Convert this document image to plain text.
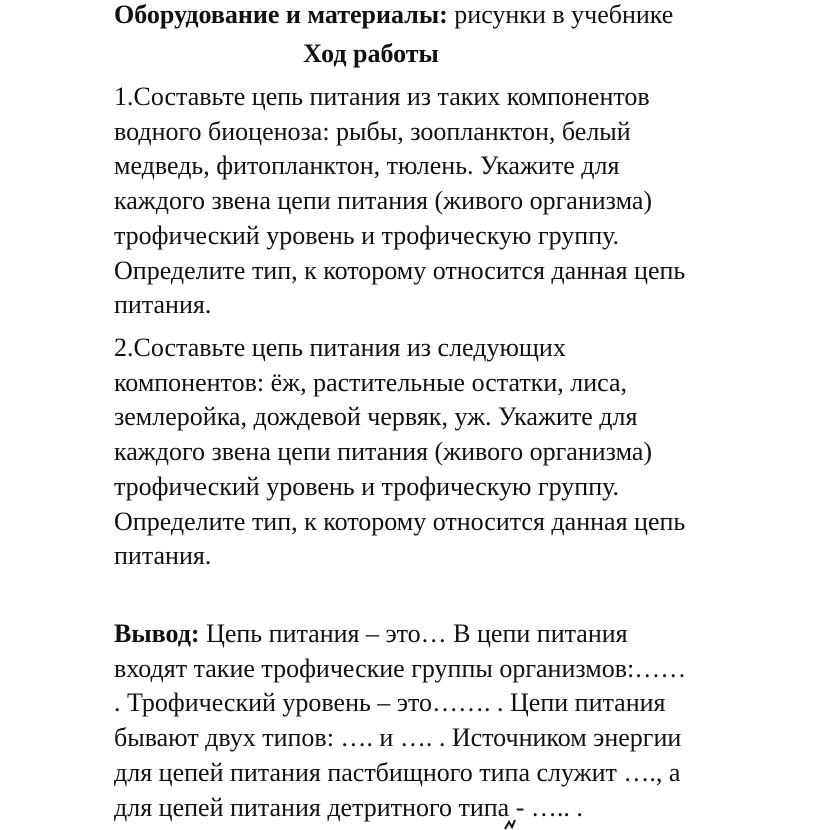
Оборудование и материалы: рисунки в учебнике
Ход работы
1.Составьте цепь питания из таких компонентов
водного биоценоза: рыбы, зоопланктон, белый
медведь, фитопланктон, тюлень. Укажите для
каждого звена цепи питания (живого организма)
трофический уровень и трофическую группу.
Определите тип, к которому относится данная цепь
питания.
2.Составьте цепь питания из следующих
компонентов: ёж, растительные остатки, лиса,
землеройка, дождевой червяк, уж. Укажите для
каждого звена цепи питания (живого организма)
трофический уровень и трофическую группу.
Определите тип, к которому относится данная цепь
питания.
Вывод: Цепь питания – это… В цепи питания
входят такие трофические группы организмов:……
. Трофический уровень – это……. . Цепи питания
бывают двух типов: …. и …. . Источником энергии
для цепей питания пастбищного типа служит …., а
для цепей питания детритного типа - ….. .
